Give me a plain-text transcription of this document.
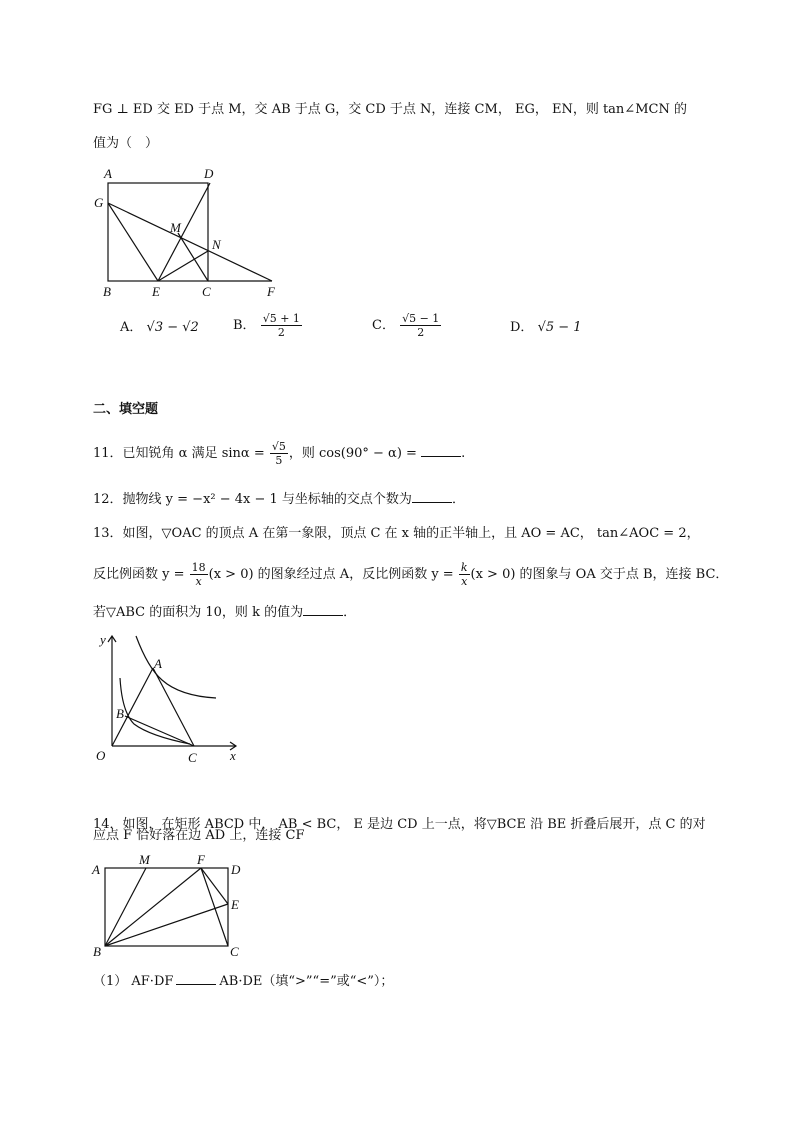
FG ⊥ ED 交 ED 于点 M，交 AB 于点 G，交 CD 于点 N，连接 CM， EG， EN，则 tan∠MCN 的
值为（　）
A	D
G
M
N
B	E	C	F
A． √3 − √2	B． $\frac{√5 + 1}{2}$	C． $\frac{√5 - 1}{2}$	D． √5 − 1
二、填空题
11．已知锐角 α 满足 $\sin\alpha = \frac{√5}{5}$ ，则 cos(90° − α) =	.
12．抛物线 y = −x² − 4x − 1 与坐标轴的交点个数为	．
13．如图，▽OAC 的顶点 A 在第一象限，顶点 C 在 x 轴的正半轴上，且 AO = AC， tan∠AOC = 2，
反比例函数 $y = \frac{18}{x} (x > 0)$ 的图象经过点 A，反比例函数 $y = \frac{k}{x} (x > 0)$ 的图象与 OA 交于点 B，连接 BC．
若▽ABC 的面积为 10，则 k 的值为	．
y
x
O
A
B
C
14．如图，在矩形 ABCD 中， AB < BC， E 是边 CD 上一点，将▽BCE 沿 BE 折叠后展开，点 C 的对
应点 F 恰好落在边 AD 上，连接 CF
A
M	F
D
E
B	C
（1） AF·DF	AB·DE（填“>”“=”或“<”）；
